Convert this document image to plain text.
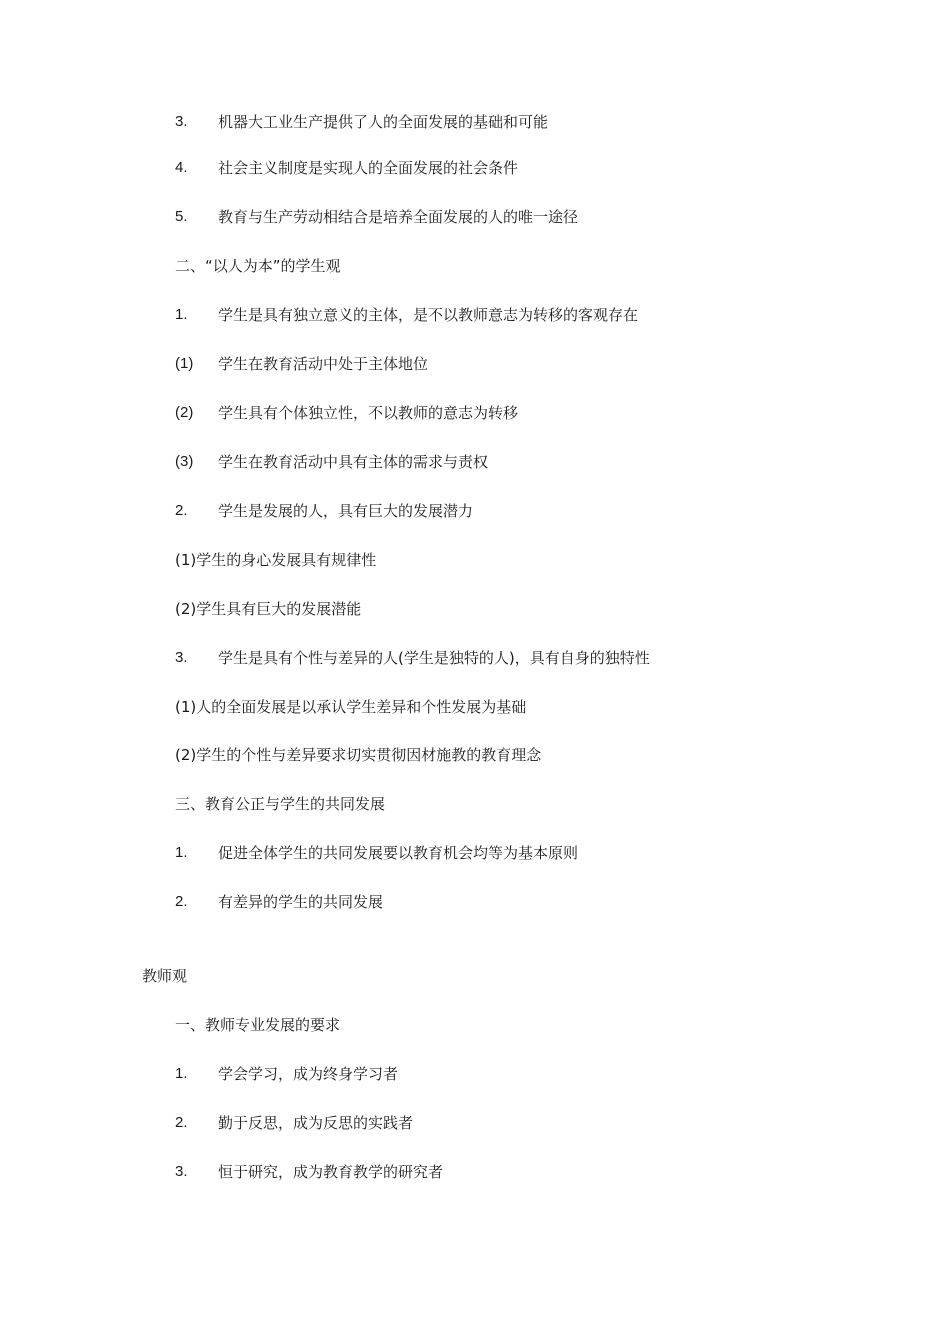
3. 机器大工业生产提供了人的全面发展的基础和可能
4. 社会主义制度是实现人的全面发展的社会条件
5. 教育与生产劳动相结合是培养全面发展的人的唯一途径
二、“以人为本”的学生观
1. 学生是具有独立意义的主体，是不以教师意志为转移的客观存在
(1) 学生在教育活动中处于主体地位
(2) 学生具有个体独立性，不以教师的意志为转移
(3) 学生在教育活动中具有主体的需求与责权
2. 学生是发展的人，具有巨大的发展潜力
(1)学生的身心发展具有规律性
(2)学生具有巨大的发展潜能
3. 学生是具有个性与差异的人(学生是独特的人)，具有自身的独特性
(1)人的全面发展是以承认学生差异和个性发展为基础
(2)学生的个性与差异要求切实贯彻因材施教的教育理念
三、教育公正与学生的共同发展
1. 促进全体学生的共同发展要以教育机会均等为基本原则
2. 有差异的学生的共同发展
教师观
一、教师专业发展的要求
1. 学会学习，成为终身学习者
2. 勤于反思，成为反思的实践者
3. 恒于研究，成为教育教学的研究者
